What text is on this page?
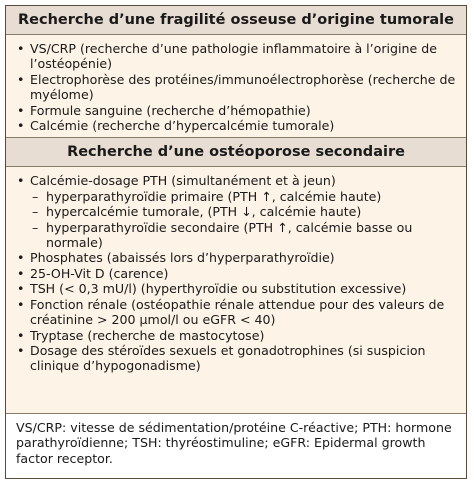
Recherche d’une fragilité osseuse d’origine tumorale
• VS/CRP (recherche d’une pathologie inflammatoire à l’origine de l’ostéopénie)
• Electrophorèse des protéines/immunoélectrophorèse (recherche de myélome)
• Formule sanguine (recherche d’hémopathie)
• Calcémie (recherche d’hypercalcémie tumorale)
Recherche d’une ostéoporose secondaire
• Calcémie-dosage PTH (simultanément et à jeun)
– hyperparathyroïdie primaire (PTH ↑, calcémie haute)
– hypercalcémie tumorale, (PTH ↓, calcémie haute)
– hyperparathyroïdie secondaire (PTH ↑, calcémie basse ou normale)
• Phosphates (abaissés lors d’hyperparathyroïdie)
• 25-OH-Vit D (carence)
• TSH (< 0,3 mU/l) (hyperthyroïdie ou substitution excessive)
• Fonction rénale (ostéopathie rénale attendue pour des valeurs de créatinine > 200 µmol/l ou eGFR < 40)
• Tryptase (recherche de mastocytose)
• Dosage des stéroïdes sexuels et gonadotrophines (si suspicion clinique d’hypogonadisme)
VS/CRP: vitesse de sédimentation/protéine C-réactive; PTH: hormone parathyroïdienne; TSH: thyréostimuline; eGFR: Epidermal growth factor receptor.
